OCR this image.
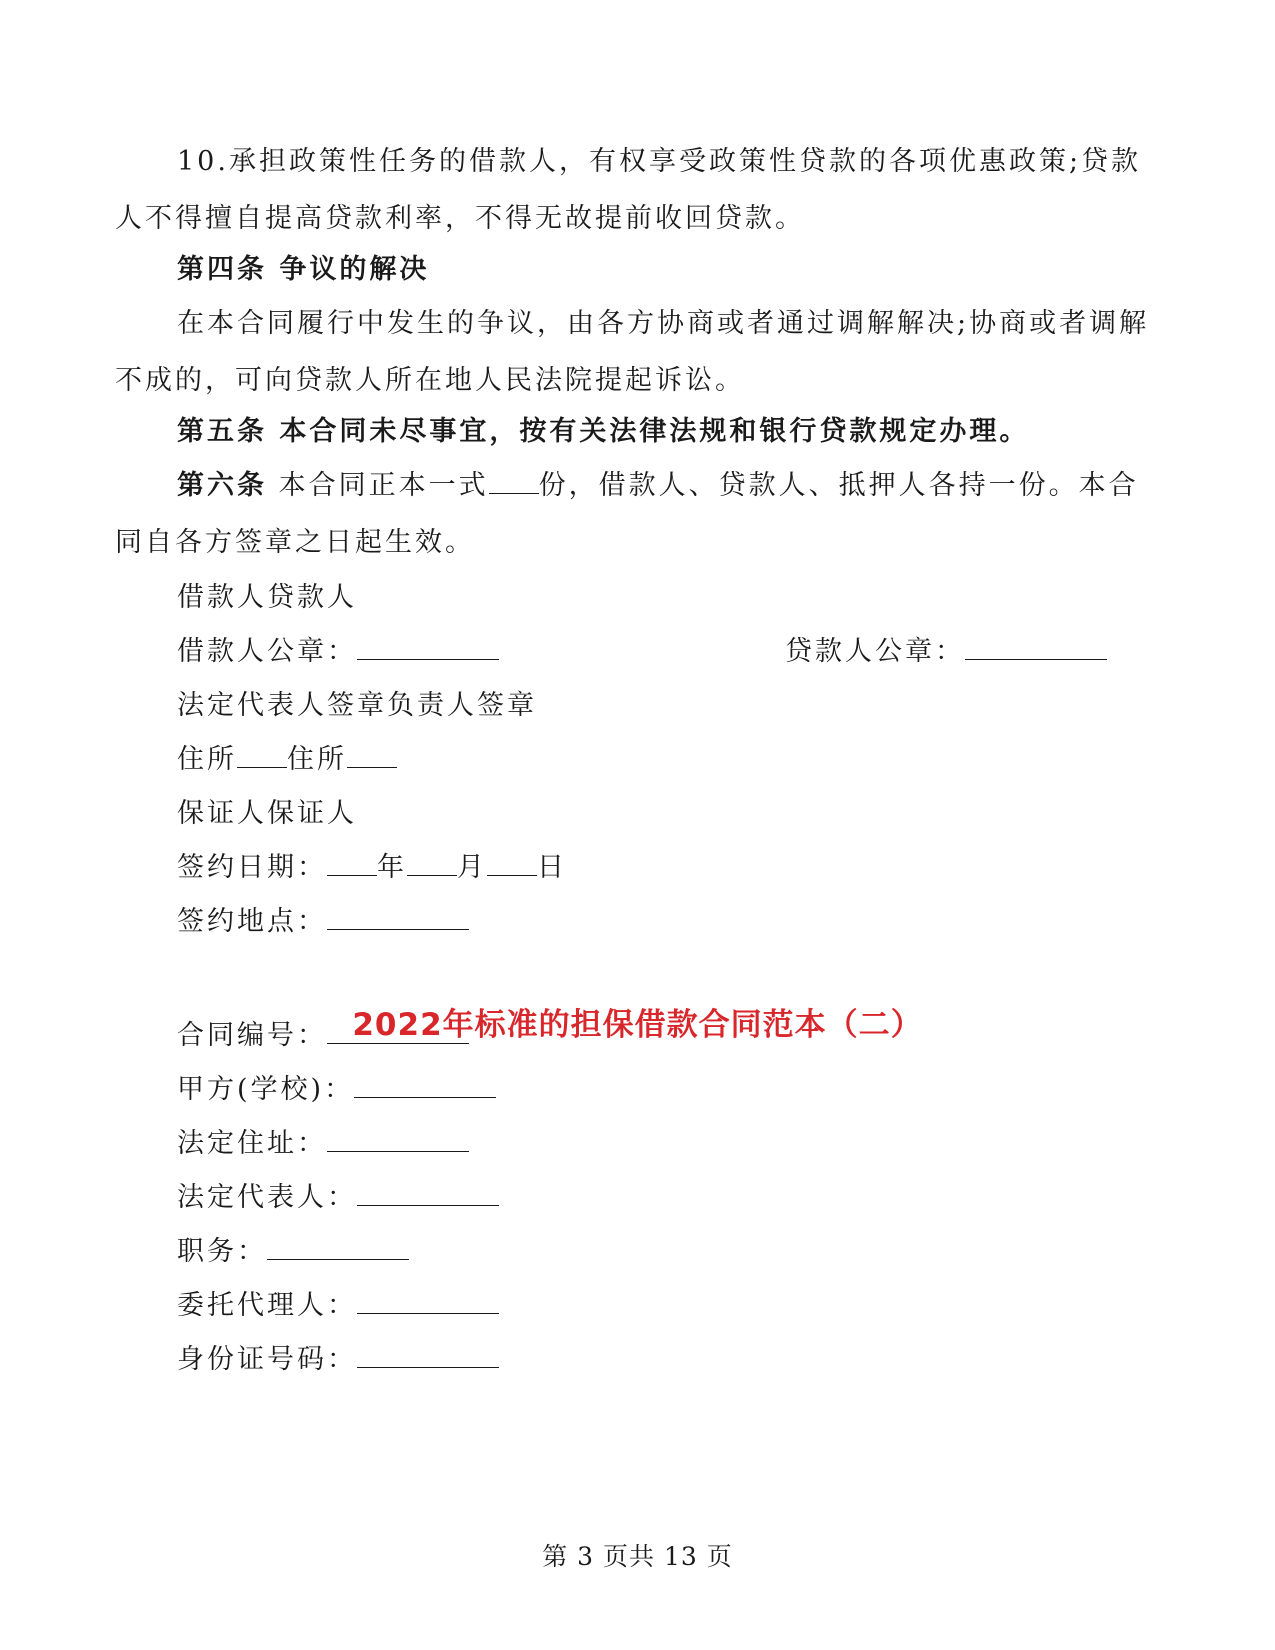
10.承担政策性任务的借款人，有权享受政策性贷款的各项优惠政策;贷款人不得擅自提高贷款利率，不得无故提前收回贷款。

第四条 争议的解决

在本合同履行中发生的争议，由各方协商或者通过调解解决;协商或者调解不成的，可向贷款人所在地人民法院提起诉讼。

第五条 本合同未尽事宜，按有关法律法规和银行贷款规定办理。

第六条 本合同正本一式 份，借款人、贷款人、抵押人各持一份。本合同自各方签章之日起生效。

借款人贷款人
借款人公章：	贷款人公章：
法定代表人签章负责人签章
住所 住所
保证人保证人
签约日期： 年 月 日
签约地点：
2022年标准的担保借款合同范本（二）
合同编号：
甲方(学校)：
法定住址：
法定代表人：
职务：
委托代理人：
身份证号码：
第 3 页共 13 页
